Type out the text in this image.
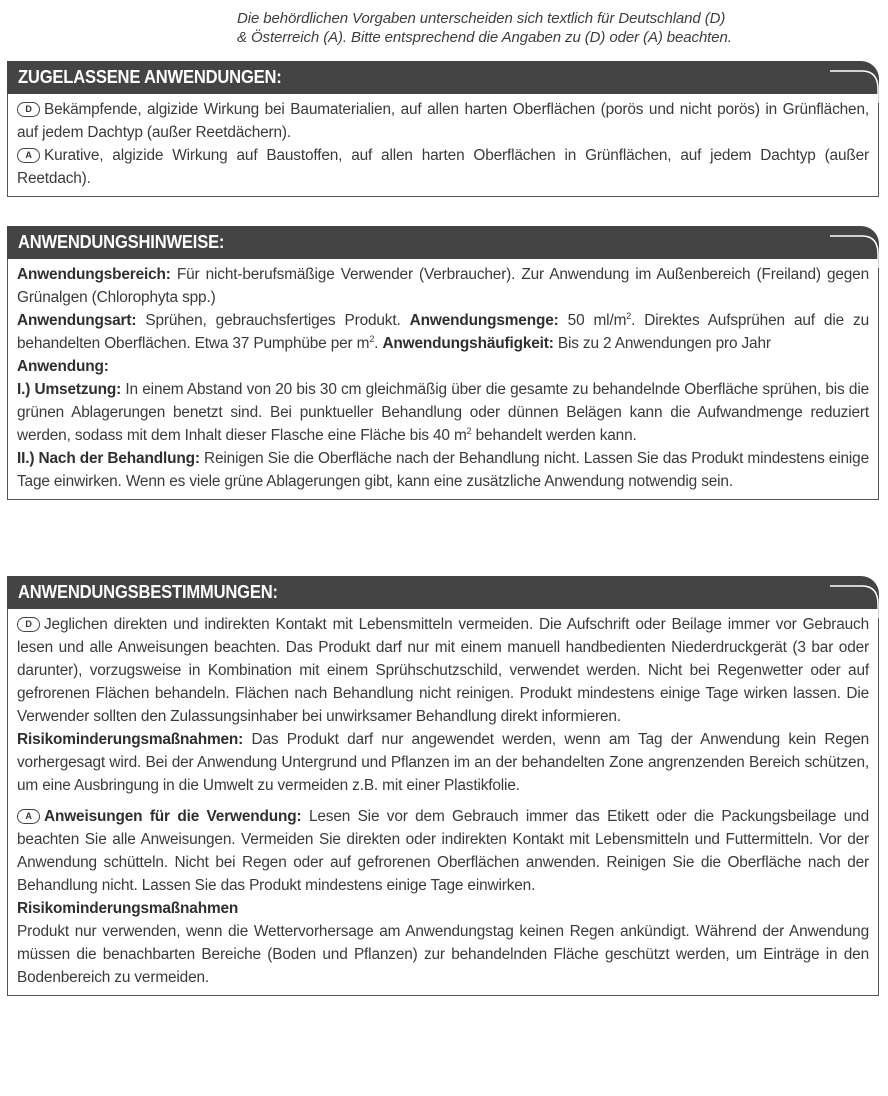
Die behördlichen Vorgaben unterscheiden sich textlich für Deutschland (D)
& Österreich (A). Bitte entsprechend die Angaben zu (D) oder (A) beachten.
ZUGELASSENE ANWENDUNGEN:

D Bekämpfende, algizide Wirkung bei Baumaterialien, auf allen harten Oberflächen (porös und nicht porös) in Grünflächen, auf jedem Dachtyp (außer Reetdächern).

A Kurative, algizide Wirkung auf Baustoffen, auf allen harten Oberflächen in Grünflächen, auf jedem Dachtyp (außer Reetdach).

ANWENDUNGSHINWEISE:

Anwendungsbereich: Für nicht-berufsmäßige Verwender (Verbraucher). Zur Anwendung im Außenbereich (Freiland) gegen Grünalgen (Chlorophyta spp.)

Anwendungsart: Sprühen, gebrauchsfertiges Produkt. Anwendungsmenge: 50 $ml/m^2$. Direktes Aufsprühen auf die zu behandelten Oberflächen. Etwa 37 Pumphübe per $m^2$. Anwendungshäufigkeit: Bis zu 2 Anwendungen pro Jahr

Anwendung:

I.) Umsetzung: In einem Abstand von 20 bis 30 cm gleichmäßig über die gesamte zu behandelnde Oberfläche sprühen, bis die grünen Ablagerungen benetzt sind. Bei punktueller Behandlung oder dünnen Belägen kann die Aufwandmenge reduziert werden, sodass mit dem Inhalt dieser Flasche eine Fläche bis 40 $m^2$ behandelt werden kann.

II.) Nach der Behandlung: Reinigen Sie die Oberfläche nach der Behandlung nicht. Lassen Sie das Produkt mindestens einige Tage einwirken. Wenn es viele grüne Ablagerungen gibt, kann eine zusätzliche Anwendung notwendig sein.

ANWENDUNGSBESTIMMUNGEN:

D Jeglichen direkten und indirekten Kontakt mit Lebensmitteln vermeiden. Die Aufschrift oder Beilage immer vor Gebrauch lesen und alle Anweisungen beachten. Das Produkt darf nur mit einem manuell handbedienten Niederdruckgerät (3 bar oder darunter), vorzugsweise in Kombination mit einem Sprühschutzschild, verwendet werden. Nicht bei Regenwetter oder auf gefrorenen Flächen behandeln. Flächen nach Behandlung nicht reinigen. Produkt mindestens einige Tage wirken lassen. Die Verwender sollten den Zulassungsinhaber bei unwirksamer Behandlung direkt informieren.

Risikominderungsmaßnahmen: Das Produkt darf nur angewendet werden, wenn am Tag der Anwendung kein Regen vorhergesagt wird. Bei der Anwendung Untergrund und Pflanzen im an der behandelten Zone angrenzenden Bereich schützen, um eine Ausbringung in die Umwelt zu vermeiden z.B. mit einer Plastikfolie.

A Anweisungen für die Verwendung: Lesen Sie vor dem Gebrauch immer das Etikett oder die Packungsbeilage und beachten Sie alle Anweisungen. Vermeiden Sie direkten oder indirekten Kontakt mit Lebensmitteln und Futtermitteln. Vor der Anwendung schütteln. Nicht bei Regen oder auf gefrorenen Oberflächen anwenden. Reinigen Sie die Oberfläche nach der Behandlung nicht. Lassen Sie das Produkt mindestens einige Tage einwirken.

Risikominderungsmaßnahmen

Produkt nur verwenden, wenn die Wettervorhersage am Anwendungstag keinen Regen ankündigt. Während der Anwendung müssen die benachbarten Bereiche (Boden und Pflanzen) zur behandelnden Fläche geschützt werden, um Einträge in den Bodenbereich zu vermeiden.
